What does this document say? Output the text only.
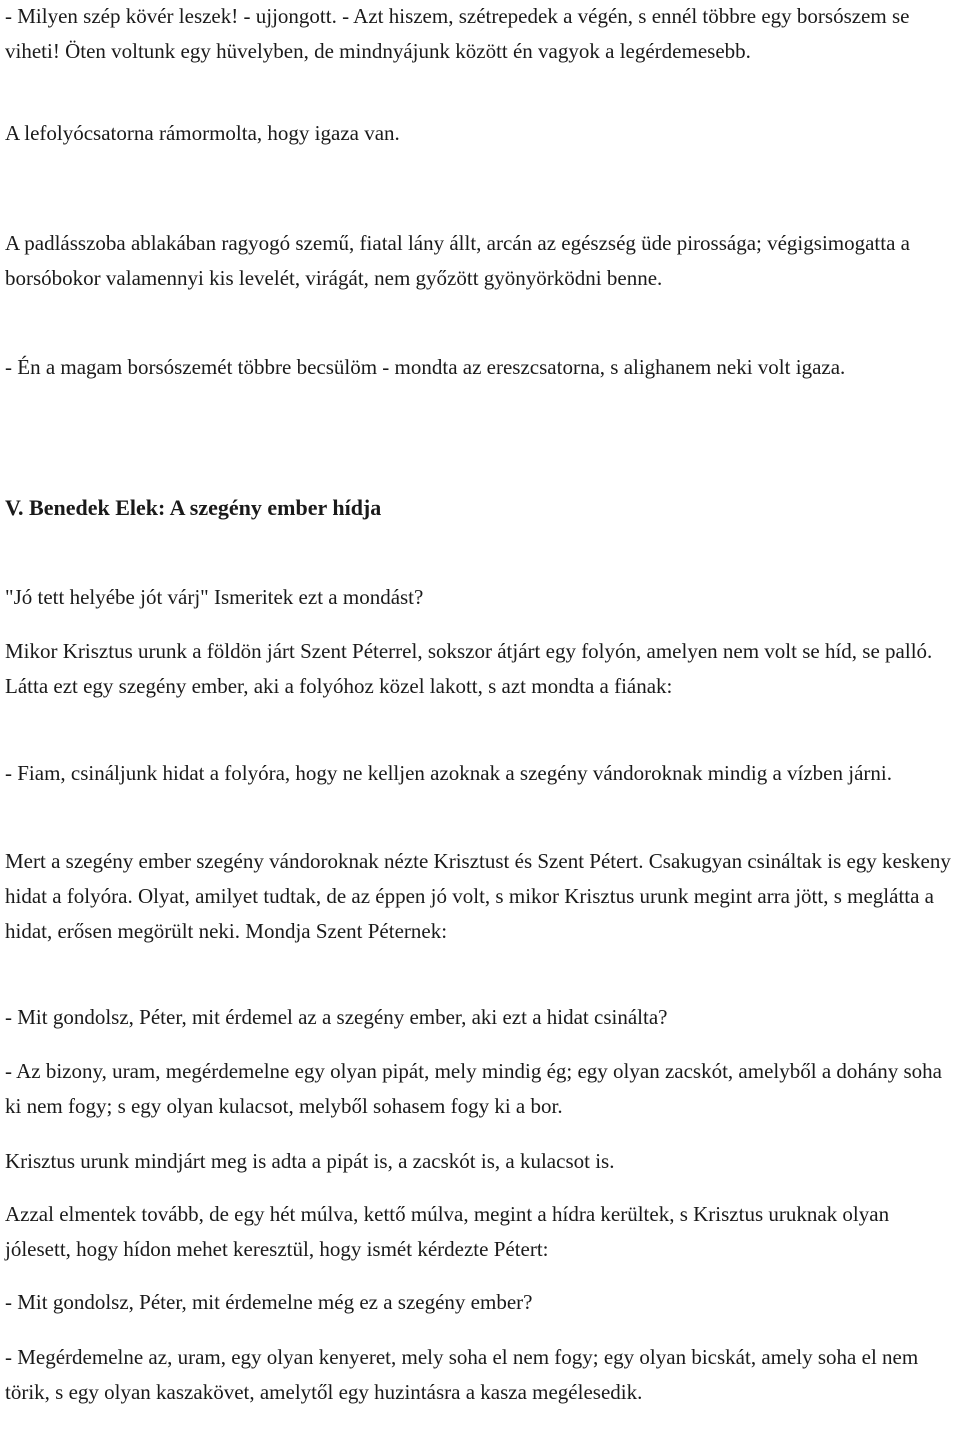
- Milyen szép kövér leszek! - ujjongott. - Azt hiszem, szétrepedek a végén, s ennél többre egy borsószem se viheti! Öten voltunk egy hüvelyben, de mindnyájunk között én vagyok a legérdemesebb.

A lefolyócsatorna rámormolta, hogy igaza van.

A padlásszoba ablakában ragyogó szemű, fiatal lány állt, arcán az egészség üde pirossága; végigsimogatta a borsóbokor valamennyi kis levelét, virágát, nem győzött gyönyörködni benne.

- Én a magam borsószemét többre becsülöm - mondta az ereszcsatorna, s alighanem neki volt igaza.

V. Benedek Elek: A szegény ember hídja

"Jó tett helyébe jót várj" Ismeritek ezt a mondást?

Mikor Krisztus urunk a földön járt Szent Péterrel, sokszor átjárt egy folyón, amelyen nem volt se híd, se palló. Látta ezt egy szegény ember, aki a folyóhoz közel lakott, s azt mondta a fiának:

- Fiam, csináljunk hidat a folyóra, hogy ne kelljen azoknak a szegény vándoroknak mindig a vízben járni.

Mert a szegény ember szegény vándoroknak nézte Krisztust és Szent Pétert. Csakugyan csináltak is egy keskeny hidat a folyóra. Olyat, amilyet tudtak, de az éppen jó volt, s mikor Krisztus urunk megint arra jött, s meglátta a hidat, erősen megörült neki. Mondja Szent Péternek:

- Mit gondolsz, Péter, mit érdemel az a szegény ember, aki ezt a hidat csinálta?

- Az bizony, uram, megérdemelne egy olyan pipát, mely mindig ég; egy olyan zacskót, amelyből a dohány soha ki nem fogy; s egy olyan kulacsot, melyből sohasem fogy ki a bor.

Krisztus urunk mindjárt meg is adta a pipát is, a zacskót is, a kulacsot is.

Azzal elmentek tovább, de egy hét múlva, kettő múlva, megint a hídra kerültek, s Krisztus uruknak olyan jólesett, hogy hídon mehet keresztül, hogy ismét kérdezte Pétert:

- Mit gondolsz, Péter, mit érdemelne még ez a szegény ember?

- Megérdemelne az, uram, egy olyan kenyeret, mely soha el nem fogy; egy olyan bicskát, amely soha el nem törik, s egy olyan kaszakövet, amelytől egy huzintásra a kasza megélesedik.
